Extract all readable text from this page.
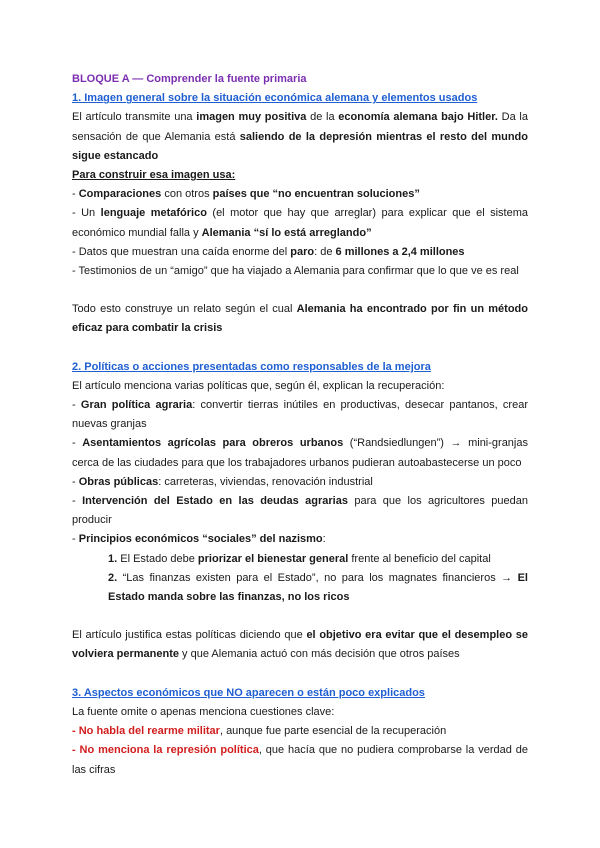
BLOQUE A — Comprender la fuente primaria

1. Imagen general sobre la situación económica alemana y elementos usados

El artículo transmite una imagen muy positiva de la economía alemana bajo Hitler. Da la sensación de que Alemania está saliendo de la depresión mientras el resto del mundo sigue estancado

Para construir esa imagen usa:

- Comparaciones con otros países que “no encuentran soluciones”

- Un lenguaje metafórico (el motor que hay que arreglar) para explicar que el sistema económico mundial falla y Alemania “sí lo está arreglando”

- Datos que muestran una caída enorme del paro: de 6 millones a 2,4 millones

- Testimonios de un “amigo” que ha viajado a Alemania para confirmar que lo que ve es real

Todo esto construye un relato según el cual Alemania ha encontrado por fin un método eficaz para combatir la crisis

2. Políticas o acciones presentadas como responsables de la mejora

El artículo menciona varias políticas que, según él, explican la recuperación:

- Gran política agraria: convertir tierras inútiles en productivas, desecar pantanos, crear nuevas granjas

- Asentamientos agrícolas para obreros urbanos (“Randsiedlungen”) → mini-granjas cerca de las ciudades para que los trabajadores urbanos pudieran autoabastecerse un poco

- Obras públicas: carreteras, viviendas, renovación industrial

- Intervención del Estado en las deudas agrarias para que los agricultores puedan producir

- Principios económicos “sociales” del nazismo:

1. El Estado debe priorizar el bienestar general frente al beneficio del capital

2. “Las finanzas existen para el Estado”, no para los magnates financieros → El Estado manda sobre las finanzas, no los ricos

El artículo justifica estas políticas diciendo que el objetivo era evitar que el desempleo se volviera permanente y que Alemania actuó con más decisión que otros países

3. Aspectos económicos que NO aparecen o están poco explicados

La fuente omite o apenas menciona cuestiones clave:

- No habla del rearme militar, aunque fue parte esencial de la recuperación

- No menciona la represión política, que hacía que no pudiera comprobarse la verdad de las cifras
